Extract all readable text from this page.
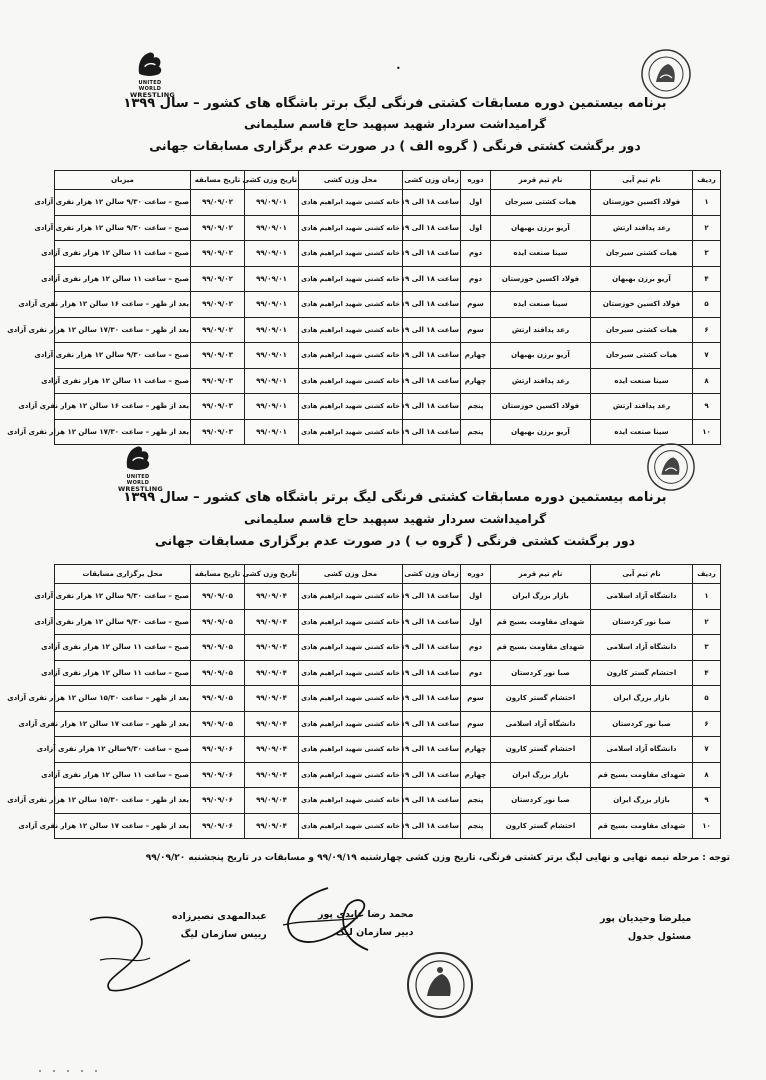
UNITED WORLD
WRESTLING
•
برنامه بیستمین دوره مسابقات کشتی فرنگی لیگ برتر باشگاه های کشور – سال ۱۳۹۹
گرامیداشت سردار شهید سپهبد حاج قاسم سلیمانی
دور برگشت کشتی فرنگی ( گروه الف ) در صورت عدم برگزاری مسابقات جهانی
ردیف	نام تیم آبی	نام تیم قرمز	دوره	زمان وزن کشی	محل وزن کشی	تاریخ وزن کشی	تاریخ مسابقه	میزبان
۱	فولاد اکسین خوزستان	هیات کشتی سیرجان	اول	ساعت ۱۸ الی ۱۹	خانه کشتی شهید ابراهیم هادی	۹۹/۰۹/۰۱	۹۹/۰۹/۰۲	صبح – ساعت ۹/۳۰ سالن ۱۲ هزار نفری آزادی
۲	رعد پدافند ارتش	آریو برزن بهبهان	اول	ساعت ۱۸ الی ۱۹	خانه کشتی شهید ابراهیم هادی	۹۹/۰۹/۰۱	۹۹/۰۹/۰۲	صبح – ساعت ۹/۳۰ سالن ۱۲ هزار نفری آزادی
۳	هیات کشتی سیرجان	سینا صنعت ایذه	دوم	ساعت ۱۸ الی ۱۹	خانه کشتی شهید ابراهیم هادی	۹۹/۰۹/۰۱	۹۹/۰۹/۰۲	صبح – ساعت ۱۱ سالن ۱۲ هزار نفری آزادی
۴	آریو برزن بهبهان	فولاد اکسین خوزستان	دوم	ساعت ۱۸ الی ۱۹	خانه کشتی شهید ابراهیم هادی	۹۹/۰۹/۰۱	۹۹/۰۹/۰۲	صبح – ساعت ۱۱ سالن ۱۲ هزار نفری آزادی
۵	فولاد اکسین خوزستان	سینا صنعت ایذه	سوم	ساعت ۱۸ الی ۱۹	خانه کشتی شهید ابراهیم هادی	۹۹/۰۹/۰۱	۹۹/۰۹/۰۲	بعد از ظهر – ساعت ۱۶ سالن ۱۲ هزار نفری آزادی
۶	هیات کشتی سیرجان	رعد پدافند ارتش	سوم	ساعت ۱۸ الی ۱۹	خانه کشتی شهید ابراهیم هادی	۹۹/۰۹/۰۱	۹۹/۰۹/۰۲	بعد از ظهر – ساعت ۱۷/۳۰ سالن ۱۲ هزار نفری آزادی
۷	هیات کشتی سیرجان	آریو برزن بهبهان	چهارم	ساعت ۱۸ الی ۱۹	خانه کشتی شهید ابراهیم هادی	۹۹/۰۹/۰۱	۹۹/۰۹/۰۳	صبح – ساعت ۹/۳۰ سالن ۱۲ هزار نفری آزادی
۸	سینا صنعت ایذه	رعد پدافند ارتش	چهارم	ساعت ۱۸ الی ۱۹	خانه کشتی شهید ابراهیم هادی	۹۹/۰۹/۰۱	۹۹/۰۹/۰۳	صبح – ساعت ۱۱ سالن ۱۲ هزار نفری آزادی
۹	رعد پدافند ارتش	فولاد اکسین خوزستان	پنجم	ساعت ۱۸ الی ۱۹	خانه کشتی شهید ابراهیم هادی	۹۹/۰۹/۰۱	۹۹/۰۹/۰۳	بعد از ظهر – ساعت ۱۶ سالن ۱۲ هزار نفری آزادی
۱۰	سینا صنعت ایذه	آریو برزن بهبهان	پنجم	ساعت ۱۸ الی ۱۹	خانه کشتی شهید ابراهیم هادی	۹۹/۰۹/۰۱	۹۹/۰۹/۰۳	بعد از ظهر – ساعت ۱۷/۳۰ سالن ۱۲ هزار نفری آزادی
UNITED WORLD
WRESTLING
برنامه بیستمین دوره مسابقات کشتی فرنگی لیگ برتر باشگاه های کشور – سال ۱۳۹۹
گرامیداشت سردار شهید سپهبد حاج قاسم سلیمانی
دور برگشت کشتی فرنگی ( گروه ب ) در صورت عدم برگزاری مسابقات جهانی
ردیف	نام تیم آبی	نام تیم قرمز	دوره	زمان وزن کشی	محل وزن کشی	تاریخ وزن کشی	تاریخ مسابقه	محل برگزاری مسابقات
۱	دانشگاه آزاد اسلامی	بازار بزرگ ایران	اول	ساعت ۱۸ الی ۱۹	خانه کشتی شهید ابراهیم هادی	۹۹/۰۹/۰۴	۹۹/۰۹/۰۵	صبح – ساعت ۹/۳۰ سالن ۱۲ هزار نفری آزادی
۲	صبا نور کردستان	شهدای مقاومت بسیج قم	اول	ساعت ۱۸ الی ۱۹	خانه کشتی شهید ابراهیم هادی	۹۹/۰۹/۰۴	۹۹/۰۹/۰۵	صبح – ساعت ۹/۳۰ سالن ۱۲ هزار نفری آزادی
۳	دانشگاه آزاد اسلامی	شهدای مقاومت بسیج قم	دوم	ساعت ۱۸ الی ۱۹	خانه کشتی شهید ابراهیم هادی	۹۹/۰۹/۰۴	۹۹/۰۹/۰۵	صبح – ساعت ۱۱ سالن ۱۲ هزار نفری آزادی
۴	احتشام گستر کارون	صبا نور کردستان	دوم	ساعت ۱۸ الی ۱۹	خانه کشتی شهید ابراهیم هادی	۹۹/۰۹/۰۴	۹۹/۰۹/۰۵	صبح – ساعت ۱۱ سالن ۱۲ هزار نفری آزادی
۵	بازار بزرگ ایران	احتشام گستر کارون	سوم	ساعت ۱۸ الی ۱۹	خانه کشتی شهید ابراهیم هادی	۹۹/۰۹/۰۴	۹۹/۰۹/۰۵	بعد از ظهر – ساعت ۱۵/۳۰ سالن ۱۲ هزار نفری آزادی
۶	صبا نور کردستان	دانشگاه آزاد اسلامی	سوم	ساعت ۱۸ الی ۱۹	خانه کشتی شهید ابراهیم هادی	۹۹/۰۹/۰۴	۹۹/۰۹/۰۵	بعد از ظهر – ساعت ۱۷ سالن ۱۲ هزار نفری آزادی
۷	دانشگاه آزاد اسلامی	احتشام گستر کارون	چهارم	ساعت ۱۸ الی ۱۹	خانه کشتی شهید ابراهیم هادی	۹۹/۰۹/۰۴	۹۹/۰۹/۰۶	صبح – ساعت ۹/۳۰سالن ۱۲ هزار نفری آزادی
۸	شهدای مقاومت بسیج قم	بازار بزرگ ایران	چهارم	ساعت ۱۸ الی ۱۹	خانه کشتی شهید ابراهیم هادی	۹۹/۰۹/۰۴	۹۹/۰۹/۰۶	صبح – ساعت ۱۱ سالن ۱۲ هزار نفری آزادی
۹	بازار بزرگ ایران	صبا نور کردستان	پنجم	ساعت ۱۸ الی ۱۹	خانه کشتی شهید ابراهیم هادی	۹۹/۰۹/۰۴	۹۹/۰۹/۰۶	بعد از ظهر – ساعت ۱۵/۳۰ سالن ۱۲ هزار نفری آزادی
۱۰	شهدای مقاومت بسیج قم	احتشام گستر کارون	پنجم	ساعت ۱۸ الی ۱۹	خانه کشتی شهید ابراهیم هادی	۹۹/۰۹/۰۴	۹۹/۰۹/۰۶	بعد از ظهر – ساعت ۱۷ سالن ۱۲ هزار نفری آزادی
توجه : مرحله نیمه نهایی و نهایی لیگ برتر کشتی فرنگی، تاریخ وزن کشی چهارشنبه ۹۹/۰۹/۱۹ و مسابقات در تاریخ پنجشنبه ۹۹/۰۹/۲۰
عبدالمهدی نصیرزاده
رییس سازمان لیگ
محمد رضا عابدی پور
دبیر سازمان لیگ
میلرضا وحیدیان پور
مسئول جدول
